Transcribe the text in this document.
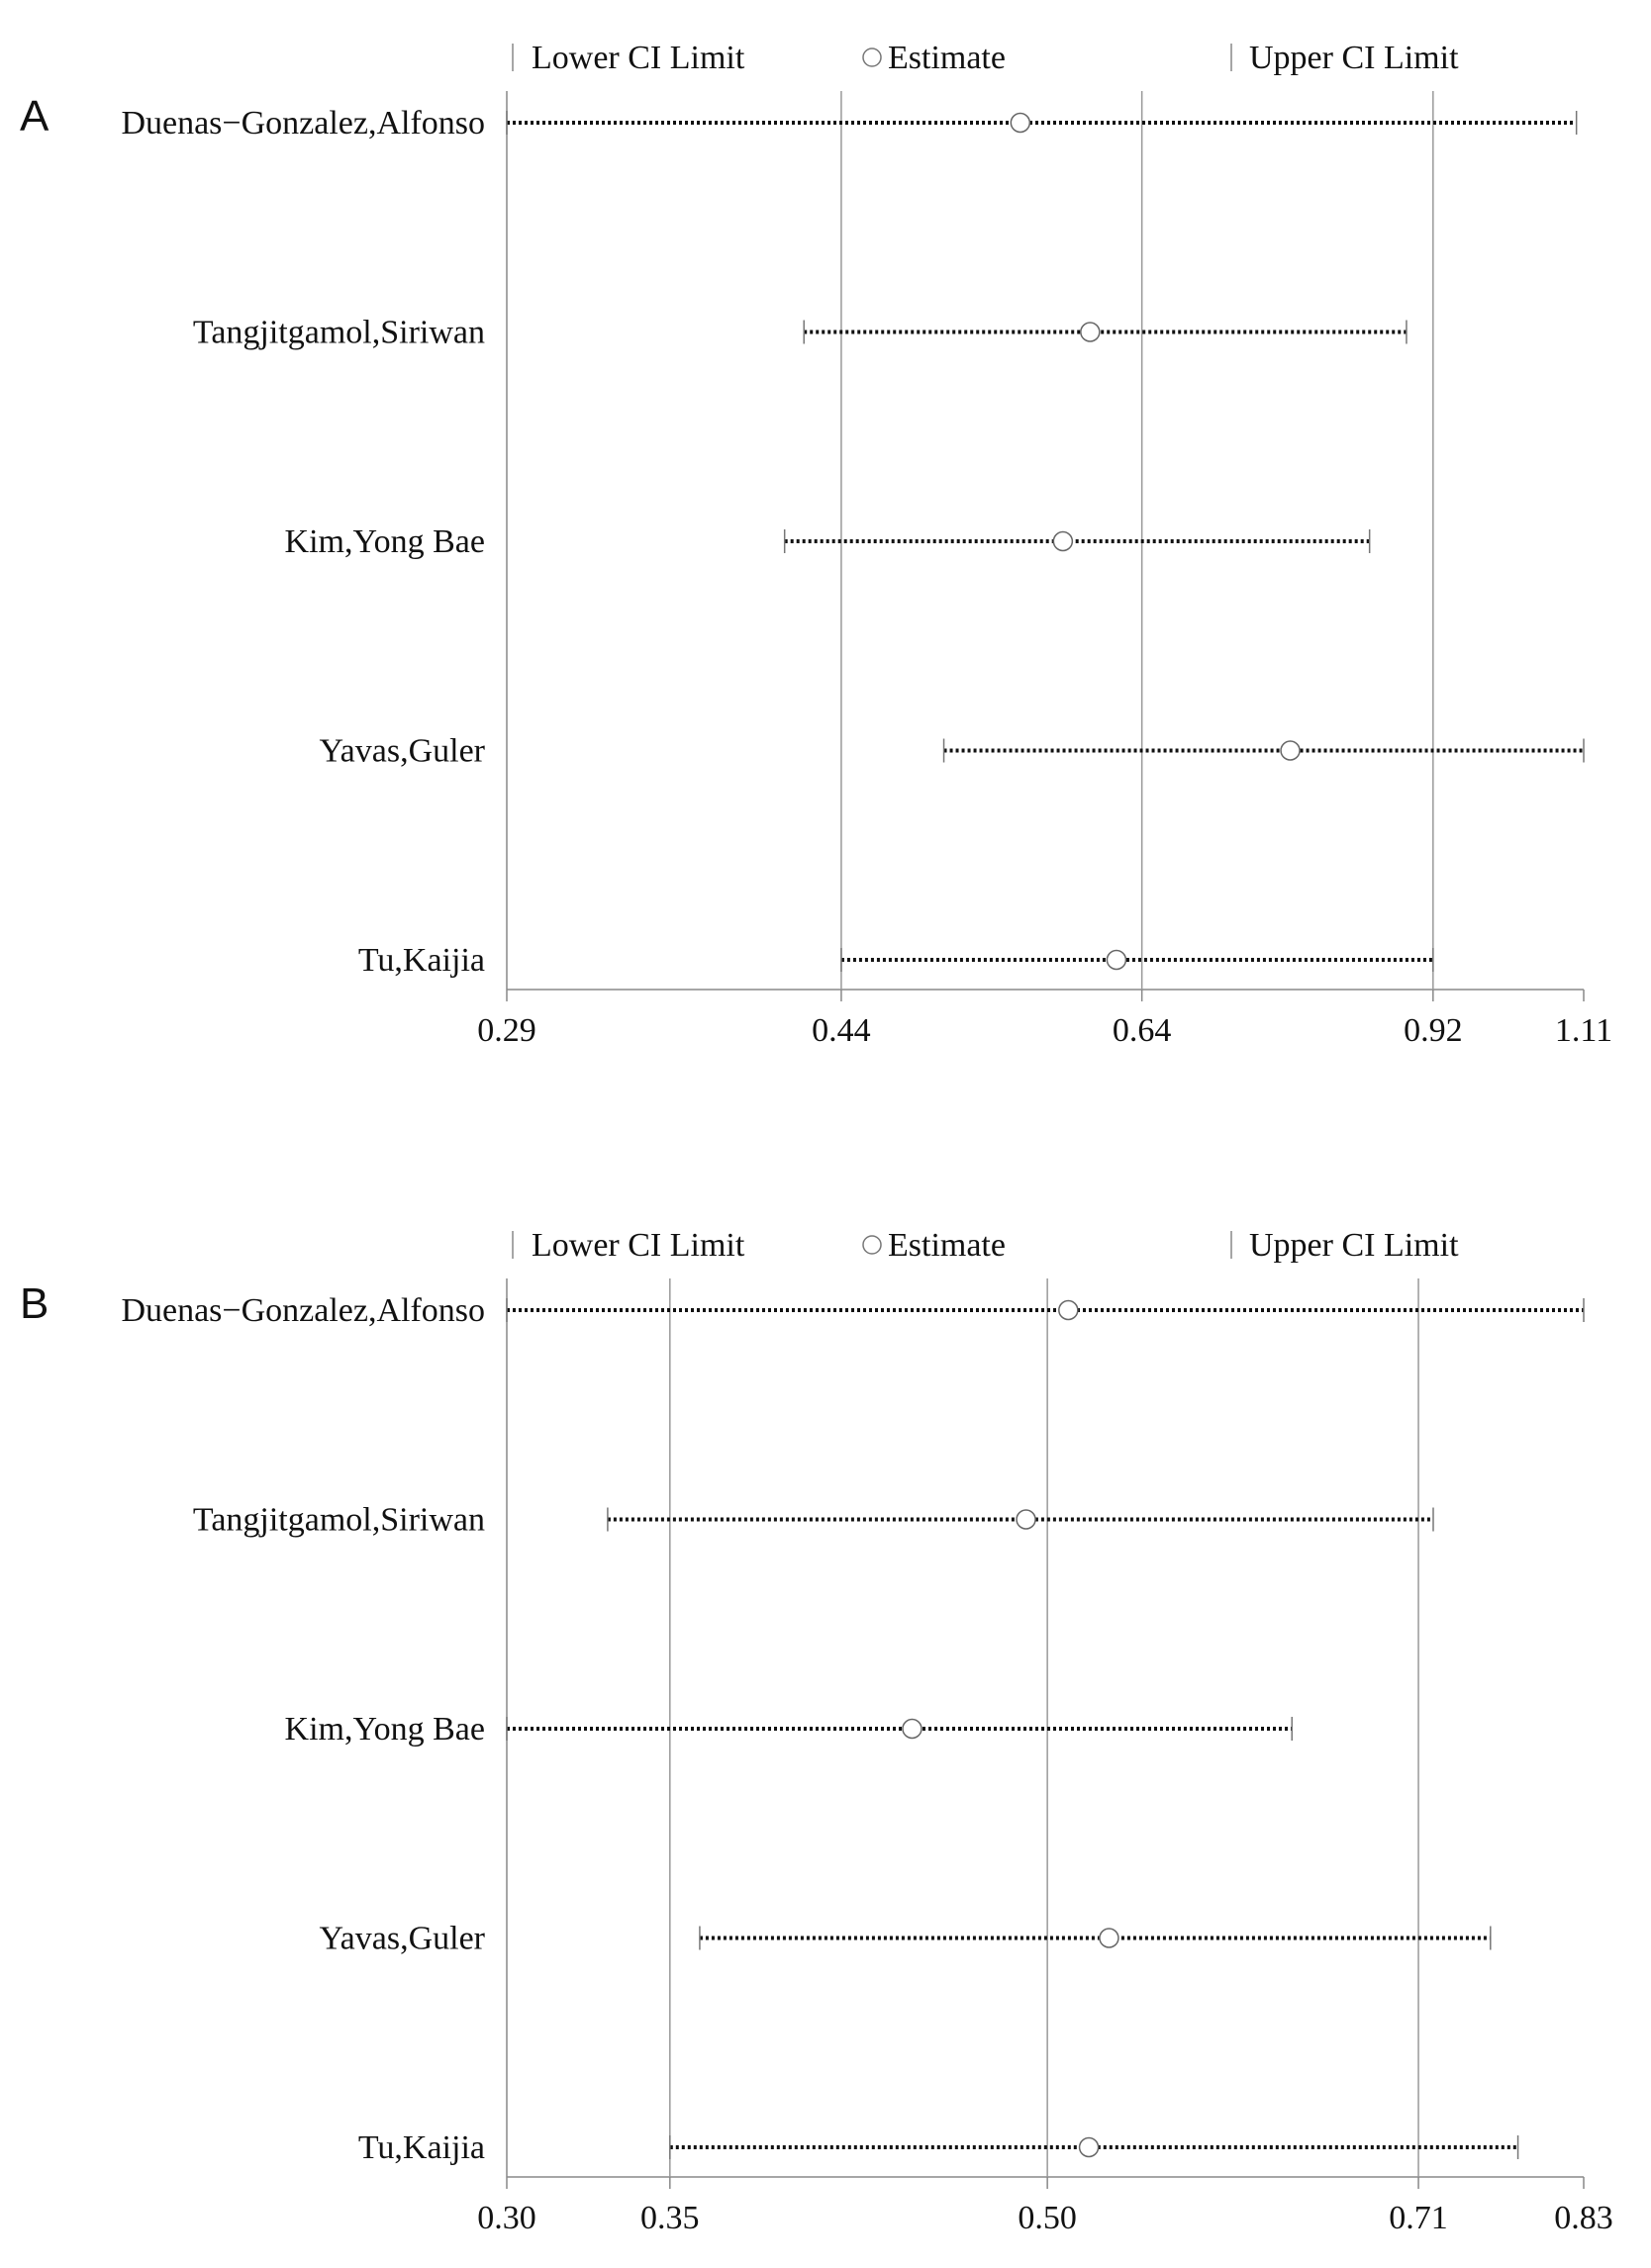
A
Lower CI Limit	Estimate	Upper CI Limit
0.29	0.44	0.64	0.92	1.11
Duenas−Gonzalez,Alfonso
Tangjitgamol,Siriwan
Kim,Yong Bae
Yavas,Guler
Tu,Kaijia
B
Lower CI Limit	Estimate	Upper CI Limit
0.30	0.35	0.50	0.71	0.83
Duenas−Gonzalez,Alfonso
Tangjitgamol,Siriwan
Kim,Yong Bae
Yavas,Guler
Tu,Kaijia
